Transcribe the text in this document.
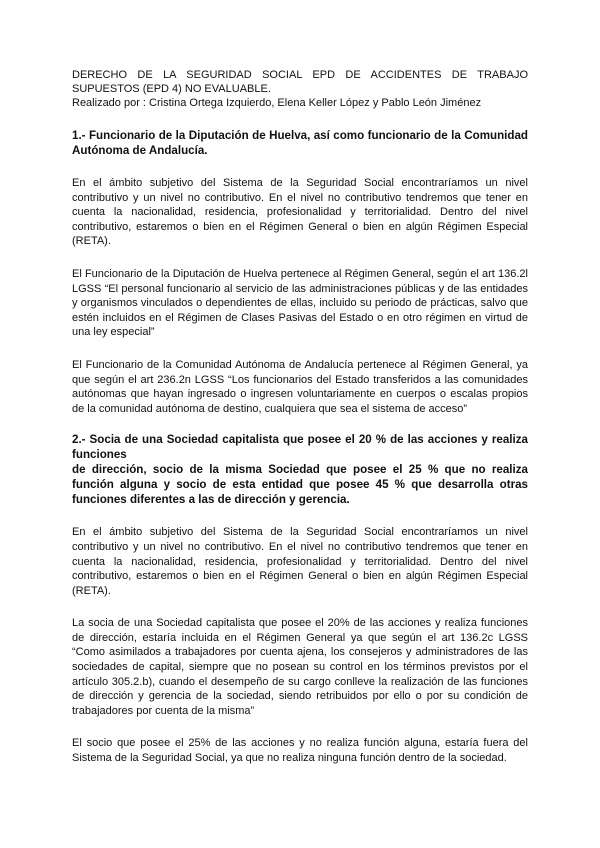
DERECHO DE LA SEGURIDAD SOCIAL EPD DE ACCIDENTES DE TRABAJO SUPUESTOS (EPD 4) NO EVALUABLE.

Realizado por : Cristina Ortega Izquierdo, Elena Keller López y Pablo León Jiménez

1.- Funcionario de la Diputación de Huelva, así como funcionario de la Comunidad Autónoma de Andalucía.

En el ámbito subjetivo del Sistema de la Seguridad Social encontraríamos un nivel contributivo y un nivel no contributivo. En el nivel no contributivo tendremos que tener en cuenta la nacionalidad, residencia, profesionalidad y territorialidad. Dentro del nivel contributivo, estaremos o bien en el Régimen General o bien en algún Régimen Especial (RETA).

El Funcionario de la Diputación de Huelva pertenece al Régimen General, según el art 136.2l LGSS “El personal funcionario al servicio de las administraciones públicas y de las entidades y organismos vinculados o dependientes de ellas, incluido su periodo de prácticas, salvo que estén incluidos en el Régimen de Clases Pasivas del Estado o en otro régimen en virtud de una ley especial”

El Funcionario de la Comunidad Autónoma de Andalucía pertenece al Régimen General, ya que según el art 236.2n LGSS “Los funcionarios del Estado transferidos a las comunidades autónomas que hayan ingresado o ingresen voluntariamente en cuerpos o escalas propios de la comunidad autónoma de destino, cualquiera que sea el sistema de acceso”

2.- Socia de una Sociedad capitalista que posee el 20 % de las acciones y realiza funciones

de dirección, socio de la misma Sociedad que posee el 25 % que no realiza función alguna y socio de esta entidad que posee 45 % que desarrolla otras funciones diferentes a las de dirección y gerencia.

En el ámbito subjetivo del Sistema de la Seguridad Social encontraríamos un nivel contributivo y un nivel no contributivo. En el nivel no contributivo tendremos que tener en cuenta la nacionalidad, residencia, profesionalidad y territorialidad. Dentro del nivel contributivo, estaremos o bien en el Régimen General o bien en algún Régimen Especial (RETA).

La socia de una Sociedad capitalista que posee el 20% de las acciones y realiza funciones de dirección, estaría incluida en el Régimen General ya que según el art 136.2c LGSS “Como asimilados a trabajadores por cuenta ajena, los consejeros y administradores de las sociedades de capital, siempre que no posean su control en los términos previstos por el artículo 305.2.b), cuando el desempeño de su cargo conlleve la realización de las funciones de dirección y gerencia de la sociedad, siendo retribuidos por ello o por su condición de trabajadores por cuenta de la misma”

El socio que posee el 25% de las acciones y no realiza función alguna, estaría fuera del Sistema de la Seguridad Social, ya que no realiza ninguna función dentro de la sociedad.
